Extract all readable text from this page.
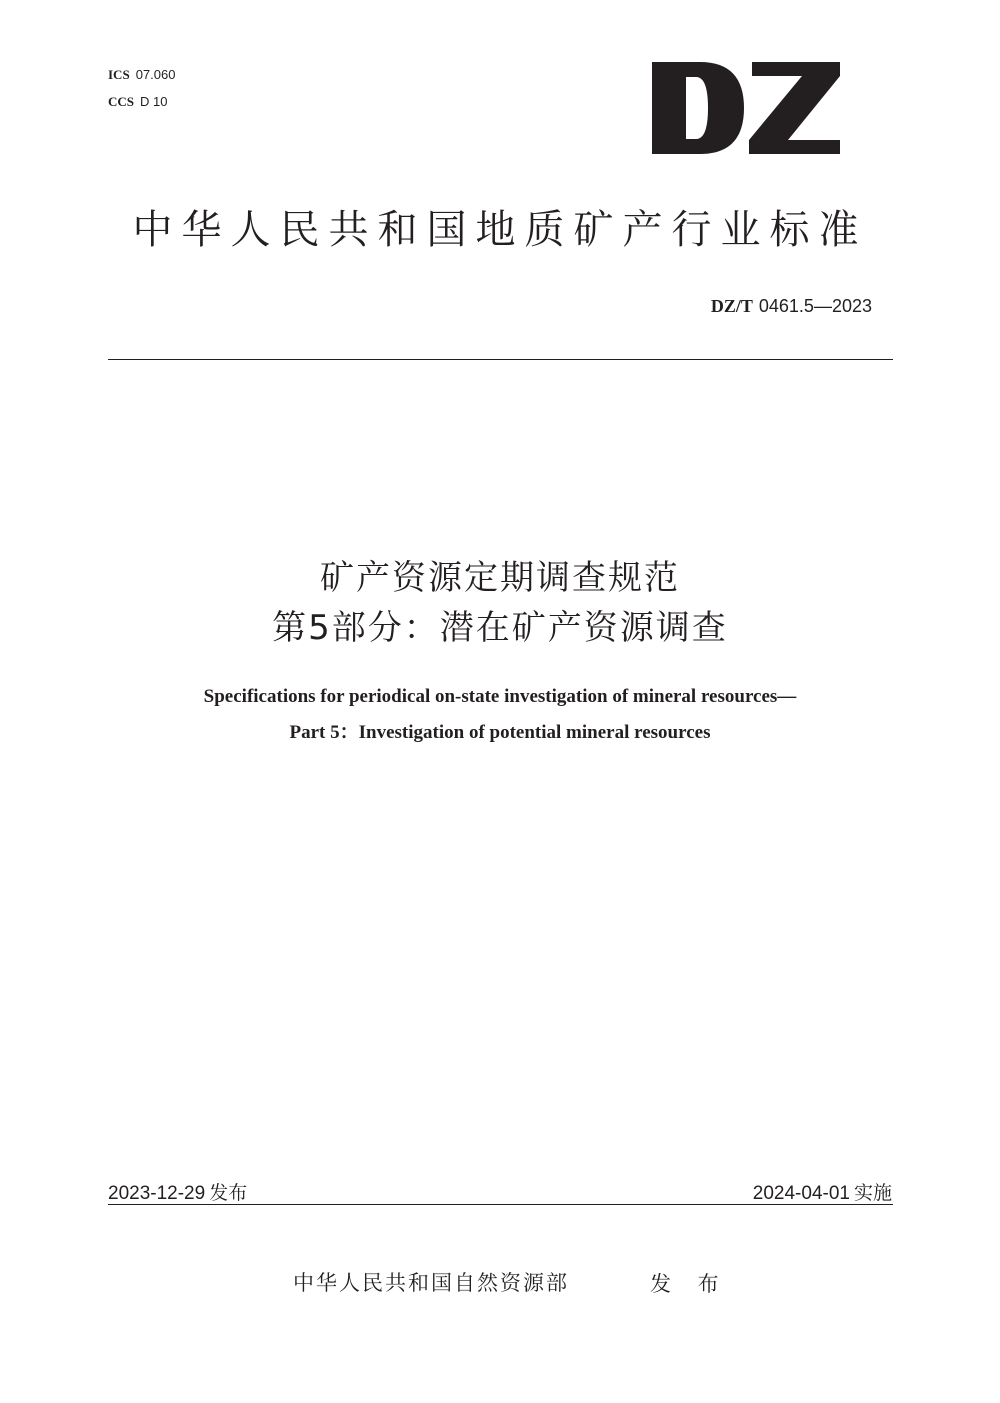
ICS 07.060
CCS D 10
中华人民共和国地质矿产行业标准
DZ/T 0461.5—2023
矿产资源定期调查规范
第5部分：潜在矿产资源调查
Specifications for periodical on-state investigation of mineral resources—
Part 5：Investigation of potential mineral resources
2023-12-29 发布	2024-04-01 实施
中华人民共和国自然资源部	发 布
